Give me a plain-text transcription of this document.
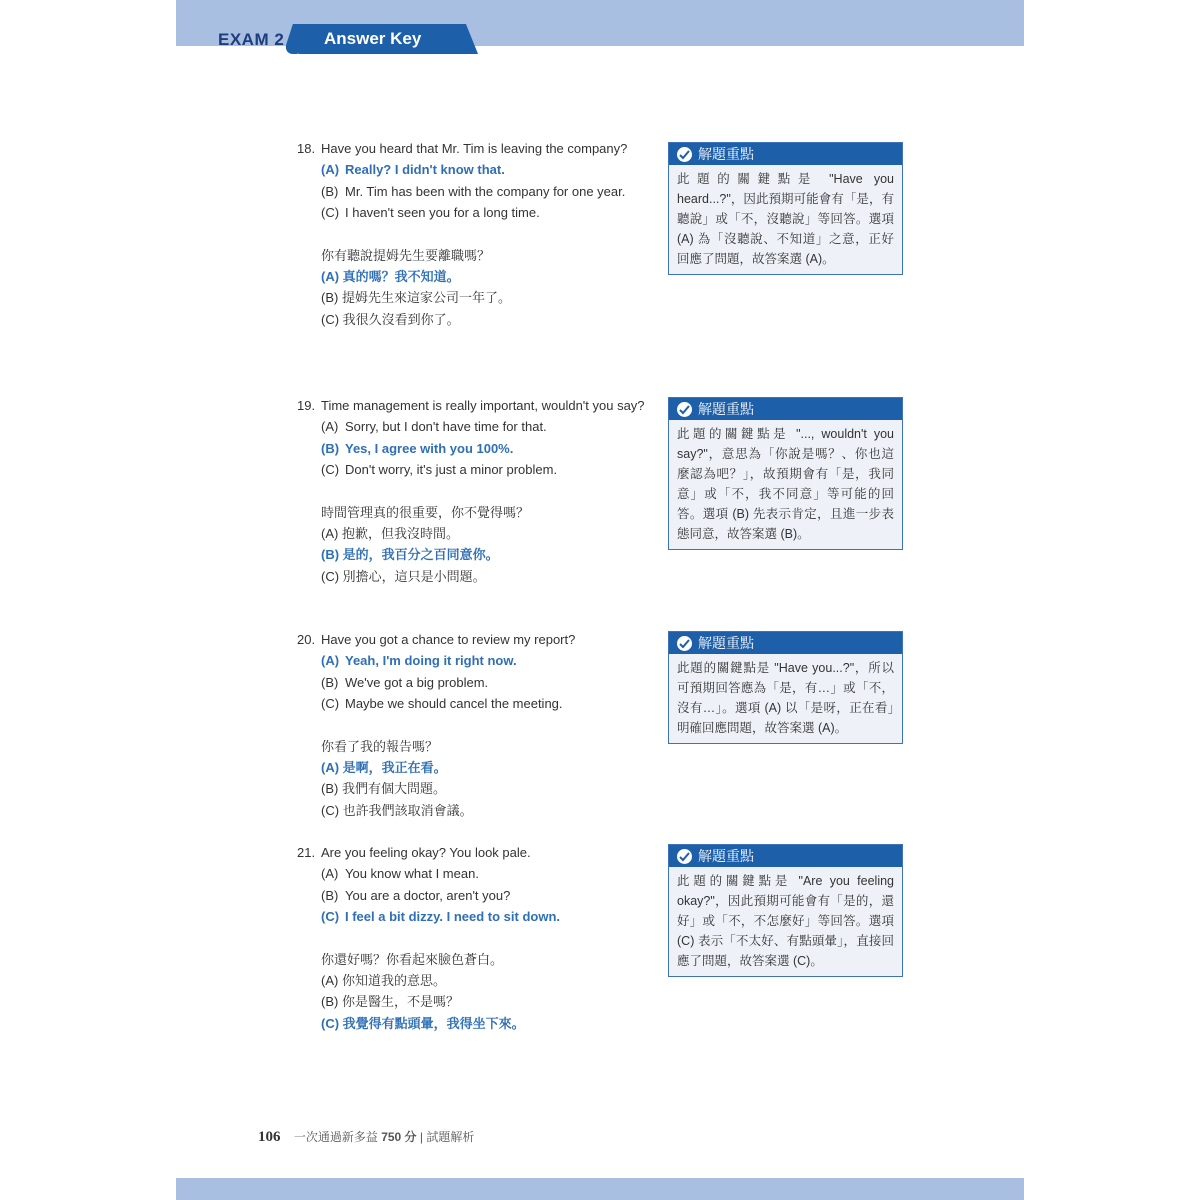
EXAM 2	Answer Key
18. Have you heard that Mr. Tim is leaving the company?
(A) Really? I didn't know that.
(B) Mr. Tim has been with the company for one year.
(C) I haven't seen you for a long time.
你有聽說提姆先生要離職嗎？
(A) 真的嗎？我不知道。
(B) 提姆先生來這家公司一年了。
(C) 我很久沒看到你了。
解題重點
此題的關鍵點是 "Have you heard...?"，因此預期可能會有「是，有聽說」或「不，沒聽說」等回答。選項 (A) 為「沒聽說、不知道」之意，正好回應了問題，故答案選 (A)。
19. Time management is really important, wouldn't you say?
(A) Sorry, but I don't have time for that.
(B) Yes, I agree with you 100%.
(C) Don't worry, it's just a minor problem.
時間管理真的很重要，你不覺得嗎？
(A) 抱歉，但我沒時間。
(B) 是的，我百分之百同意你。
(C) 別擔心，這只是小問題。
解題重點
此題的關鍵點是 "..., wouldn't you say?"，意思為「你說是嗎？、你也這麼認為吧？」，故預期會有「是，我同意」或「不，我不同意」等可能的回答。選項 (B) 先表示肯定，且進一步表態同意，故答案選 (B)。
20. Have you got a chance to review my report?
(A) Yeah, I'm doing it right now.
(B) We've got a big problem.
(C) Maybe we should cancel the meeting.
你看了我的報告嗎？
(A) 是啊，我正在看。
(B) 我們有個大問題。
(C) 也許我們該取消會議。
解題重點
此題的關鍵點是 "Have you...?"，所以可預期回答應為「是，有…」或「不，沒有…」。選項 (A) 以「是呀，正在看」明確回應問題，故答案選 (A)。
21. Are you feeling okay? You look pale.
(A) You know what I mean.
(B) You are a doctor, aren't you?
(C) I feel a bit dizzy. I need to sit down.
你還好嗎？你看起來臉色蒼白。
(A) 你知道我的意思。
(B) 你是醫生，不是嗎？
(C) 我覺得有點頭暈，我得坐下來。
解題重點
此題的關鍵點是 "Are you feeling okay?"，因此預期可能會有「是的，還好」或「不，不怎麼好」等回答。選項 (C) 表示「不太好、有點頭暈」，直接回應了問題，故答案選 (C)。
106 一次通過新多益 750 分 | 試題解析
